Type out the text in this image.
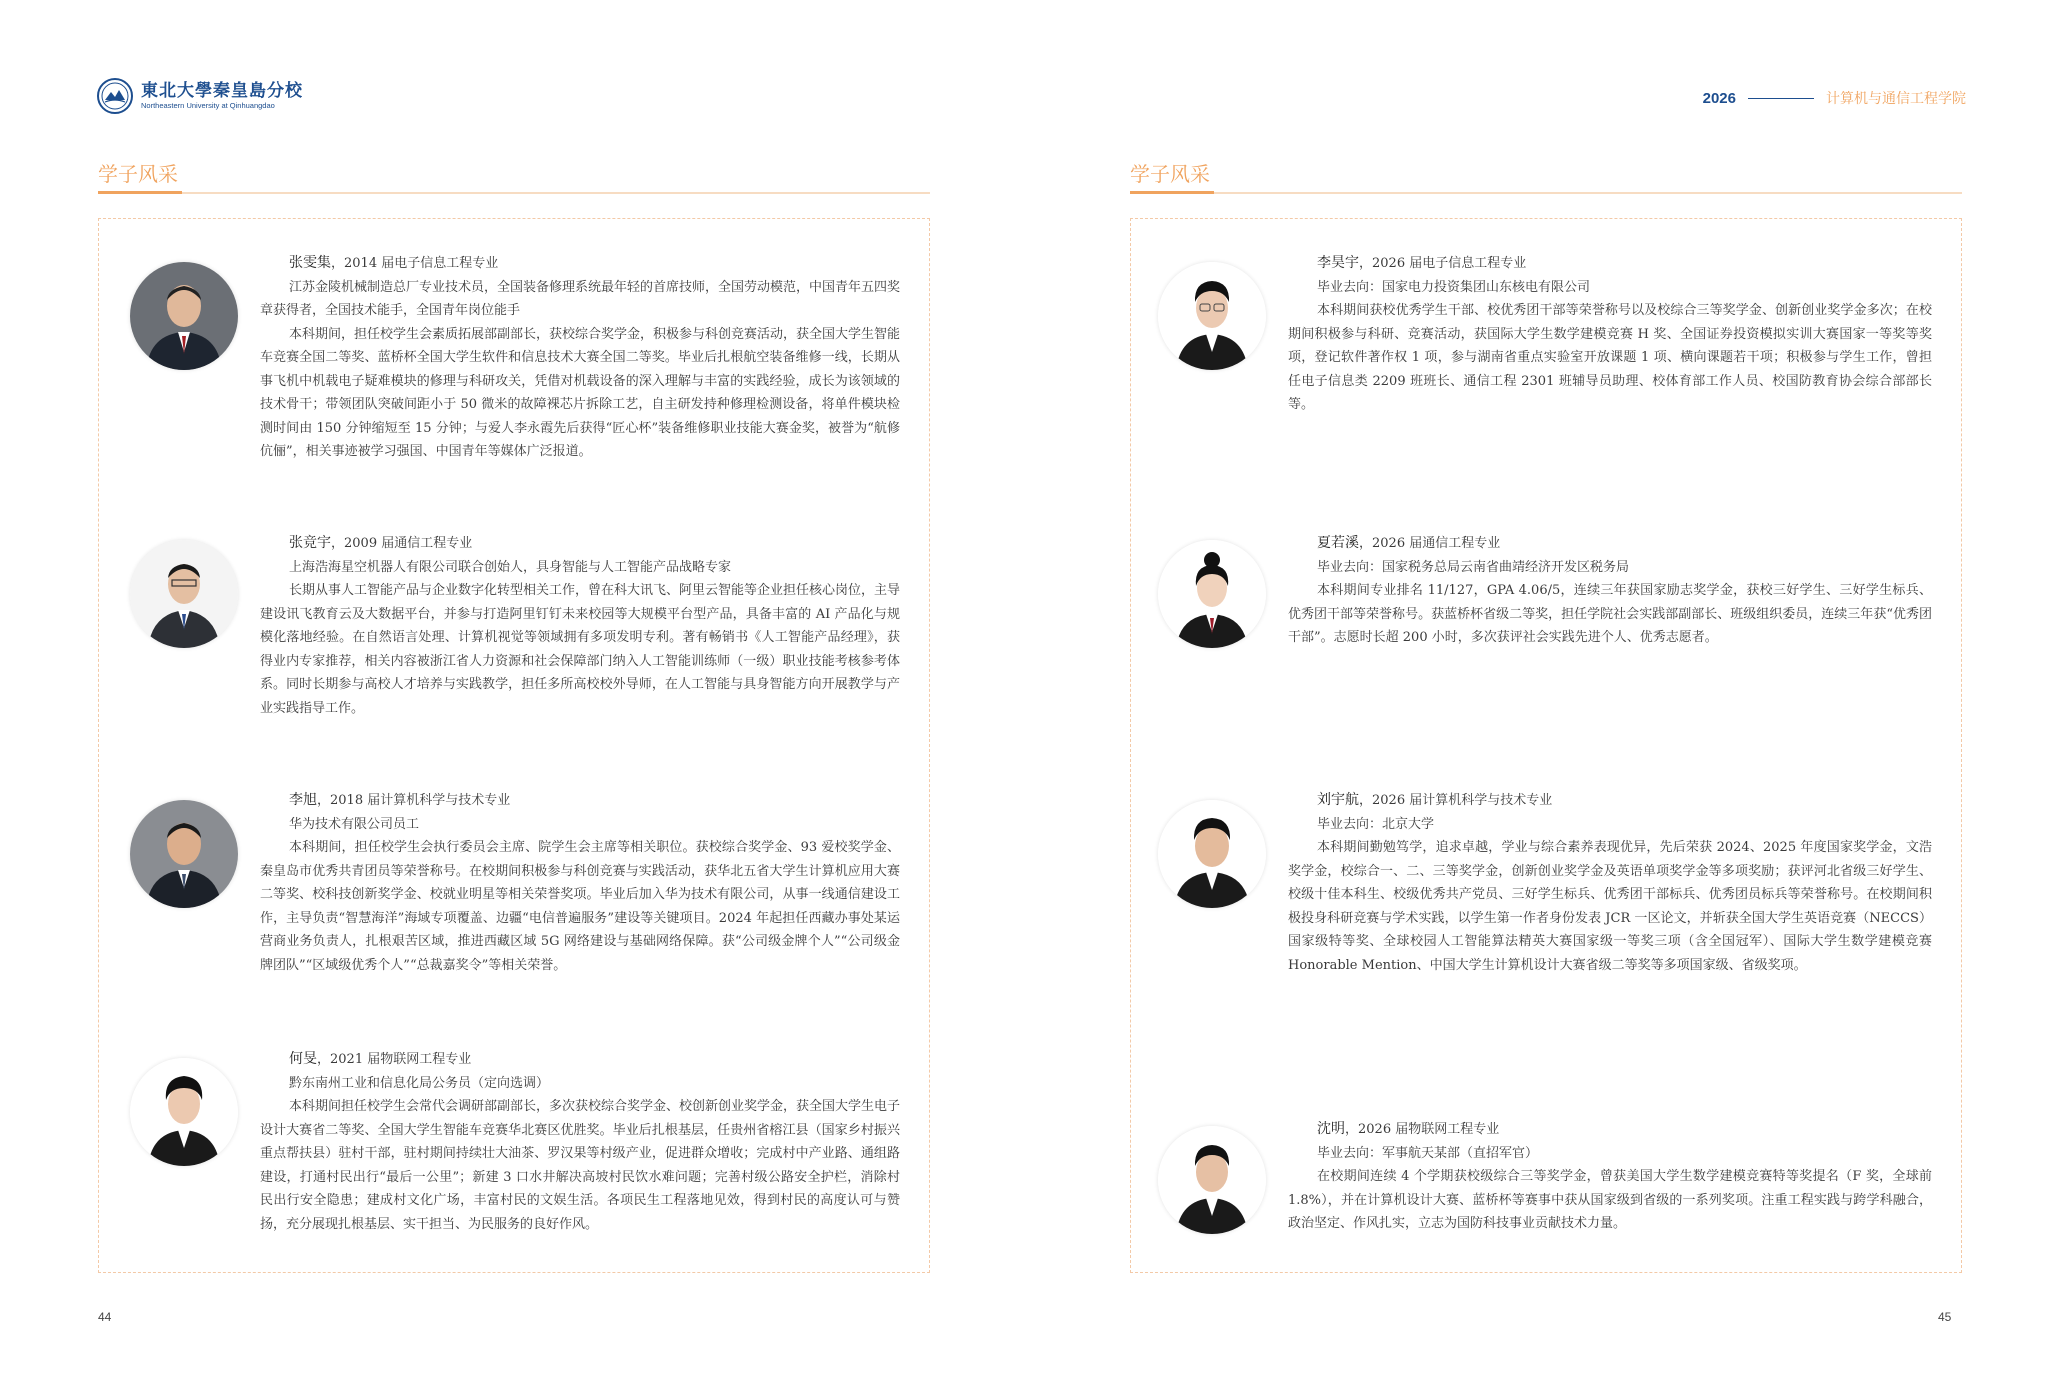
東北大學秦皇島分校
Northeastern University at Qinhuangdao	2026	计算机与通信工程学院
学子风采
张雯集，2014 届电子信息工程专业
江苏金陵机械制造总厂专业技术员，全国装备修理系统最年轻的首席技师，全国劳动模范，中国青年五四奖章获得者，全国技术能手，全国青年岗位能手
本科期间，担任校学生会素质拓展部副部长，获校综合奖学金，积极参与科创竞赛活动，获全国大学生智能车竞赛全国二等奖、蓝桥杯全国大学生软件和信息技术大赛全国二等奖。毕业后扎根航空装备维修一线，长期从事飞机中机载电子疑难模块的修理与科研攻关，凭借对机载设备的深入理解与丰富的实践经验，成长为该领域的技术骨干；带领团队突破间距小于 50 微米的故障裸芯片拆除工艺，自主研发持种修理检测设备，将单件模块检测时间由 150 分钟缩短至 15 分钟；与爱人李永霞先后获得“匠心杯”装备维修职业技能大赛金奖，被誉为“航修伉俪”，相关事迹被学习强国、中国青年等媒体广泛报道。
张竞宇，2009 届通信工程专业
上海浩海星空机器人有限公司联合创始人，具身智能与人工智能产品战略专家
长期从事人工智能产品与企业数字化转型相关工作，曾在科大讯飞、阿里云智能等企业担任核心岗位，主导建设讯飞教育云及大数据平台，并参与打造阿里钉钉未来校园等大规模平台型产品，具备丰富的 AI 产品化与规模化落地经验。在自然语言处理、计算机视觉等领域拥有多项发明专利。著有畅销书《人工智能产品经理》，获得业内专家推荐，相关内容被浙江省人力资源和社会保障部门纳入人工智能训练师（一级）职业技能考核参考体系。同时长期参与高校人才培养与实践教学，担任多所高校校外导师，在人工智能与具身智能方向开展教学与产业实践指导工作。
李旭，2018 届计算机科学与技术专业
华为技术有限公司员工
本科期间，担任校学生会执行委员会主席、院学生会主席等相关职位。获校综合奖学金、93 爱校奖学金、秦皇岛市优秀共青团员等荣誉称号。在校期间积极参与科创竞赛与实践活动，获华北五省大学生计算机应用大赛二等奖、校科技创新奖学金、校就业明星等相关荣誉奖项。毕业后加入华为技术有限公司，从事一线通信建设工作，主导负责“智慧海洋”海域专项覆盖、边疆“电信普遍服务”建设等关键项目。2024 年起担任西藏办事处某运营商业务负责人，扎根艰苦区域，推进西藏区域 5G 网络建设与基础网络保障。获“公司级金牌个人”“公司级金牌团队”“区域级优秀个人”“总裁嘉奖令”等相关荣誉。
何旻，2021 届物联网工程专业
黔东南州工业和信息化局公务员（定向选调）
本科期间担任校学生会常代会调研部副部长，多次获校综合奖学金、校创新创业奖学金，获全国大学生电子设计大赛省二等奖、全国大学生智能车竞赛华北赛区优胜奖。毕业后扎根基层，任贵州省榕江县（国家乡村振兴重点帮扶县）驻村干部，驻村期间持续壮大油茶、罗汉果等村级产业，促进群众增收；完成村中产业路、通组路建设，打通村民出行“最后一公里”；新建 3 口水井解决高坡村民饮水难问题；完善村级公路安全护栏，消除村民出行安全隐患；建成村文化广场，丰富村民的文娱生活。各项民生工程落地见效，得到村民的高度认可与赞扬，充分展现扎根基层、实干担当、为民服务的良好作风。
44
学子风采
李昊宇，2026 届电子信息工程专业
毕业去向：国家电力投资集团山东核电有限公司
本科期间获校优秀学生干部、校优秀团干部等荣誉称号以及校综合三等奖学金、创新创业奖学金多次；在校期间积极参与科研、竞赛活动，获国际大学生数学建模竞赛 H 奖、全国证券投资模拟实训大赛国家一等奖等奖项，登记软件著作权 1 项，参与湖南省重点实验室开放课题 1 项、横向课题若干项；积极参与学生工作，曾担任电子信息类 2209 班班长、通信工程 2301 班辅导员助理、校体育部工作人员、校国防教育协会综合部部长等。
夏若溪，2026 届通信工程专业
毕业去向：国家税务总局云南省曲靖经济开发区税务局
本科期间专业排名 11/127，GPA 4.06/5，连续三年获国家励志奖学金，获校三好学生、三好学生标兵、优秀团干部等荣誉称号。获蓝桥杯省级二等奖，担任学院社会实践部副部长、班级组织委员，连续三年获“优秀团干部”。志愿时长超 200 小时，多次获评社会实践先进个人、优秀志愿者。
刘宇航，2026 届计算机科学与技术专业
毕业去向：北京大学
本科期间勤勉笃学，追求卓越，学业与综合素养表现优异，先后荣获 2024、2025 年度国家奖学金，文浩奖学金，校综合一、二、三等奖学金，创新创业奖学金及英语单项奖学金等多项奖励；获评河北省级三好学生、校级十佳本科生、校级优秀共产党员、三好学生标兵、优秀团干部标兵、优秀团员标兵等荣誉称号。在校期间积极投身科研竞赛与学术实践，以学生第一作者身份发表 JCR 一区论文，并斩获全国大学生英语竞赛（NECCS）国家级特等奖、全球校园人工智能算法精英大赛国家级一等奖三项（含全国冠军）、国际大学生数学建模竞赛 Honorable Mention、中国大学生计算机设计大赛省级二等奖等多项国家级、省级奖项。
沈明，2026 届物联网工程专业
毕业去向：军事航天某部（直招军官）
在校期间连续 4 个学期获校级综合三等奖学金，曾获美国大学生数学建模竞赛特等奖提名（F 奖，全球前 1.8%），并在计算机设计大赛、蓝桥杯等赛事中获从国家级到省级的一系列奖项。注重工程实践与跨学科融合，政治坚定、作风扎实，立志为国防科技事业贡献技术力量。
45
